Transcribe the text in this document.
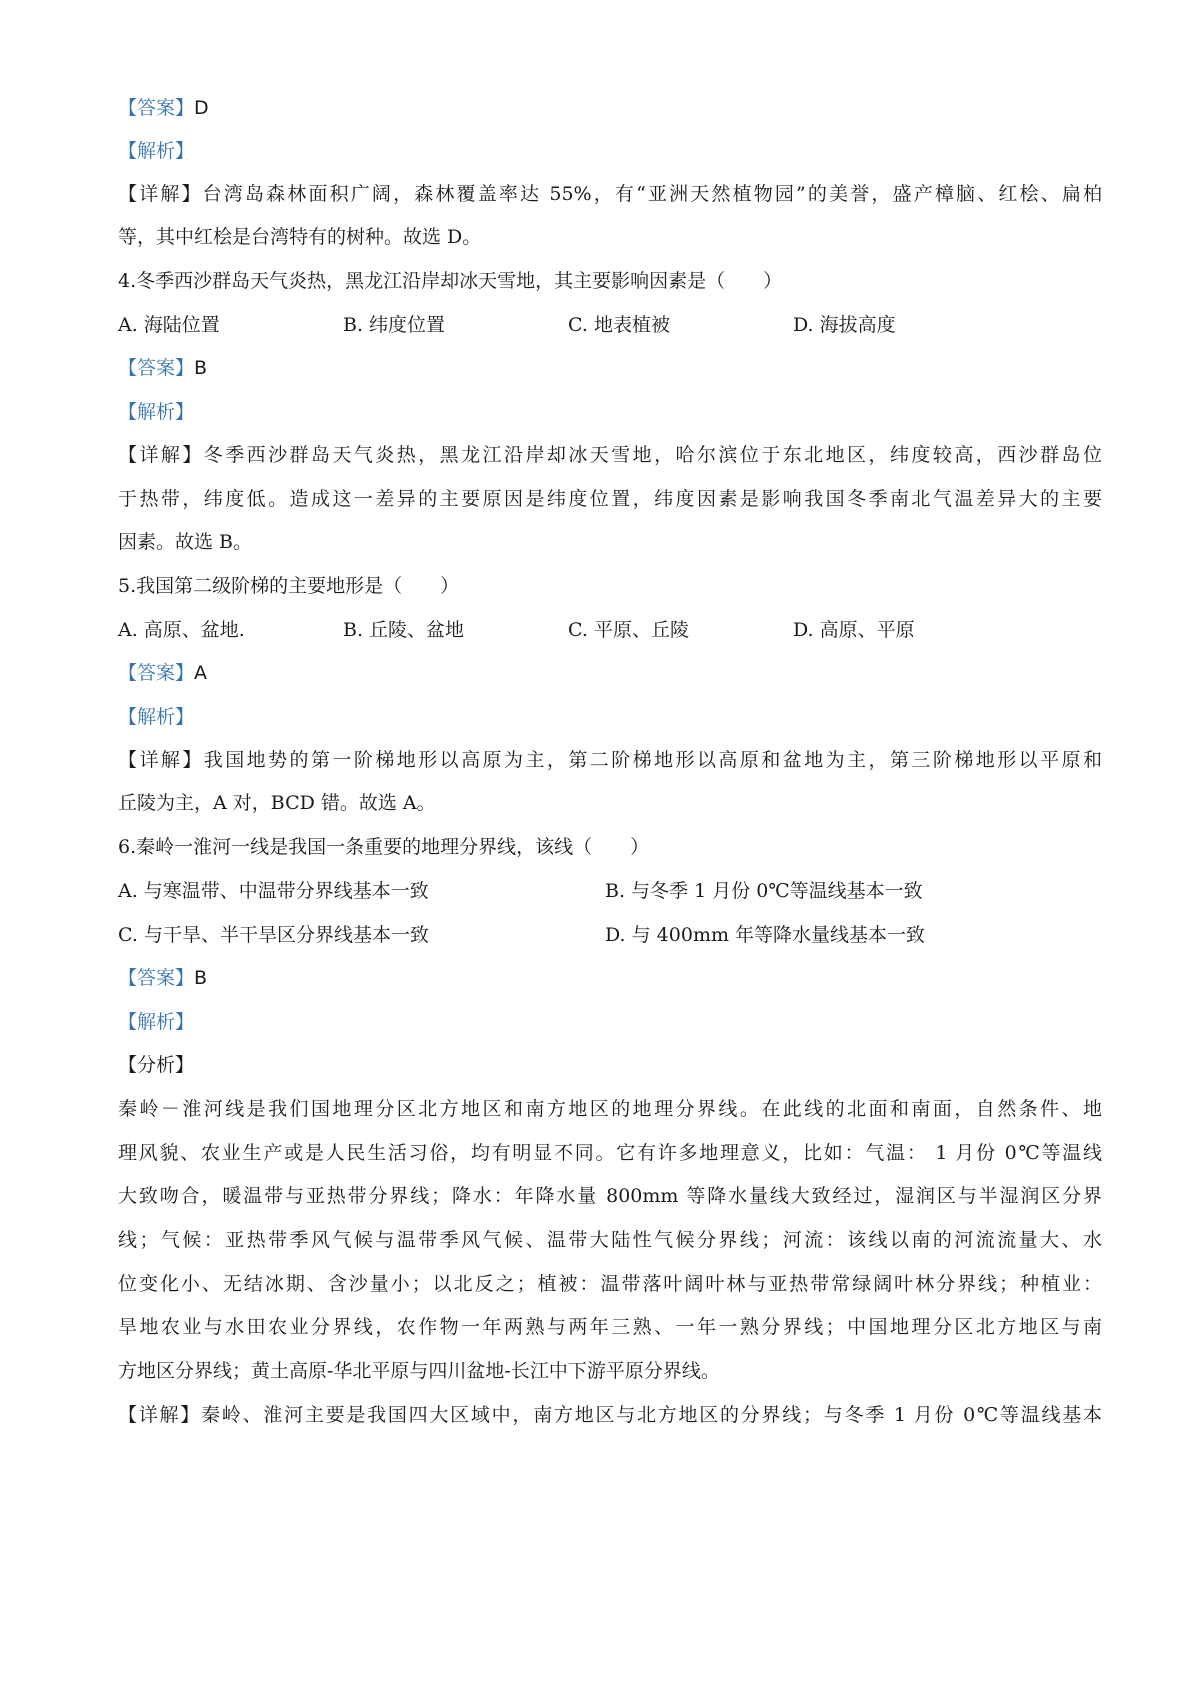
【答案】D
【解析】
【详解】台湾岛森林面积广阔，森林覆盖率达 55%，有“亚洲天然植物园”的美誉，盛产樟脑、红桧、扁柏
等，其中红桧是台湾特有的树种。故选 D。
4.冬季西沙群岛天气炎热，黑龙江沿岸却冰天雪地，其主要影响因素是（　　）
A. 海陆位置	B. 纬度位置	C. 地表植被	D. 海拔高度
【答案】B
【解析】
【详解】冬季西沙群岛天气炎热，黑龙江沿岸却冰天雪地，哈尔滨位于东北地区，纬度较高，西沙群岛位
于热带，纬度低。造成这一差异的主要原因是纬度位置，纬度因素是影响我国冬季南北气温差异大的主要
因素。故选 B。
5.我国第二级阶梯的主要地形是（　　）
A. 高原、盆地.	B. 丘陵、盆地	C. 平原、丘陵	D. 高原、平原
【答案】A
【解析】
【详解】我国地势的第一阶梯地形以高原为主，第二阶梯地形以高原和盆地为主，第三阶梯地形以平原和
丘陵为主，A 对，BCD 错。故选 A。
6.秦岭一淮河一线是我国一条重要的地理分界线，该线（　　）
A. 与寒温带、中温带分界线基本一致	B. 与冬季 1 月份 0℃等温线基本一致
C. 与干旱、半干旱区分界线基本一致	D. 与 400mm 年等降水量线基本一致
【答案】B
【解析】
【分析】
秦岭－淮河线是我们国地理分区北方地区和南方地区的地理分界线。在此线的北面和南面，自然条件、地
理风貌、农业生产或是人民生活习俗，均有明显不同。它有许多地理意义，比如：气温： 1 月份 0℃等温线
大致吻合，暖温带与亚热带分界线；降水：年降水量 800mm 等降水量线大致经过，湿润区与半湿润区分界
线；气候：亚热带季风气候与温带季风气候、温带大陆性气候分界线；河流：该线以南的河流流量大、水
位变化小、无结冰期、含沙量小；以北反之；植被：温带落叶阔叶林与亚热带常绿阔叶林分界线；种植业：
旱地农业与水田农业分界线，农作物一年两熟与两年三熟、一年一熟分界线；中国地理分区北方地区与南
方地区分界线；黄土高原-华北平原与四川盆地-长江中下游平原分界线。
【详解】秦岭、淮河主要是我国四大区域中，南方地区与北方地区的分界线；与冬季 1 月份 0℃等温线基本
